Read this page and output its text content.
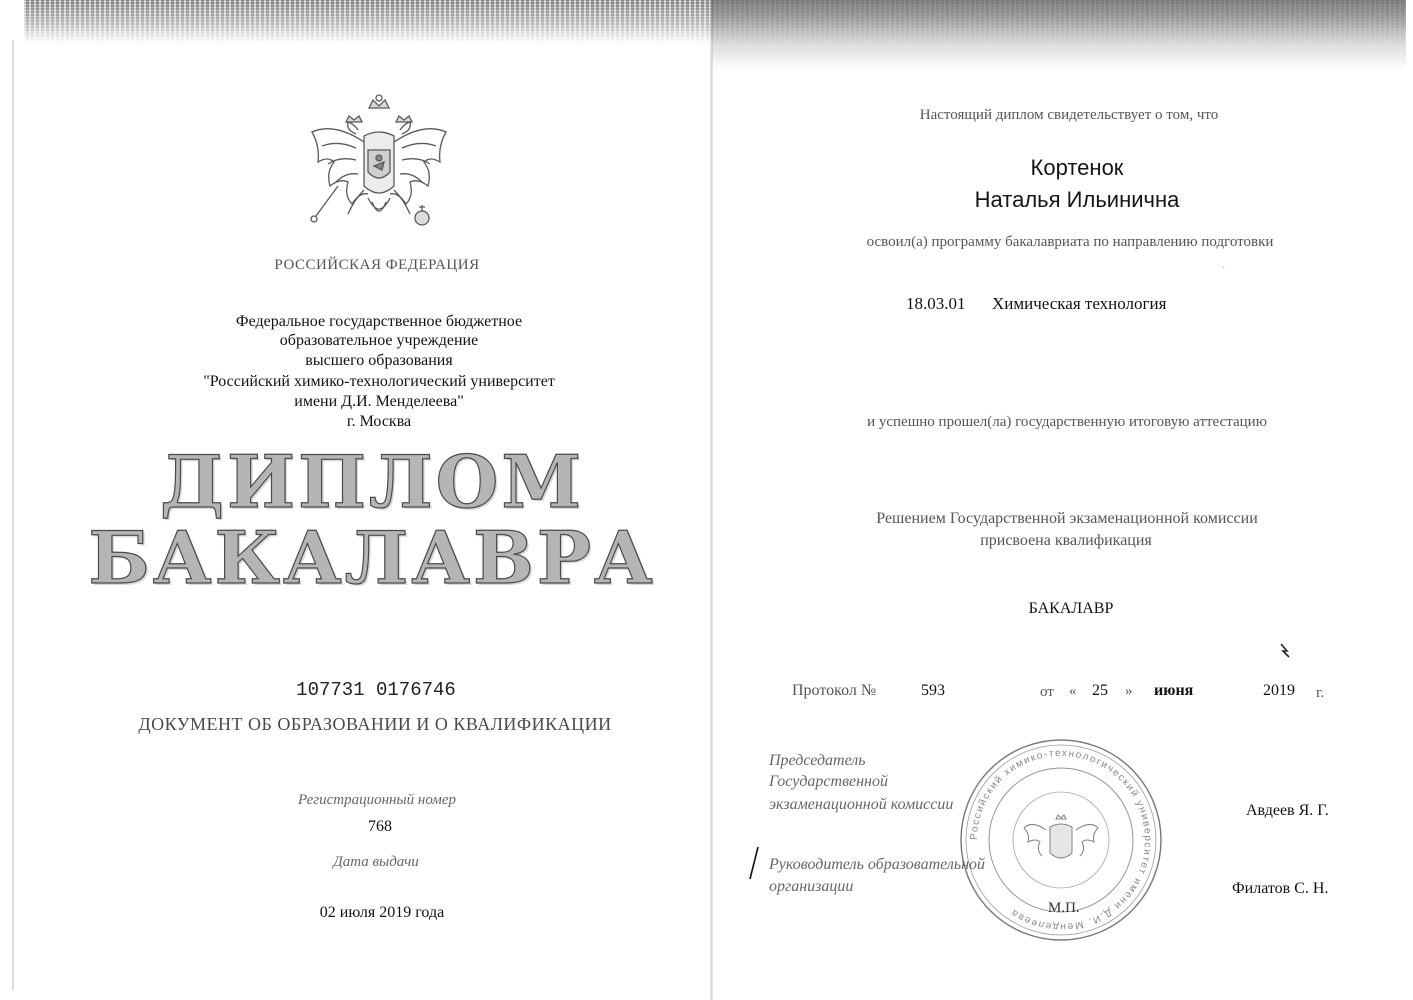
РОССИЙСКАЯ ФЕДЕРАЦИЯ
Федеральное государственное бюджетное
образовательное учреждение
высшего образования
"Российский химико-технологический университет
имени Д.И. Менделеева"
г. Москва
ДИПЛОМ
БАКАЛАВРА
107731 0176746
ДОКУМЕНТ ОБ ОБРАЗОВАНИИ И О КВАЛИФИКАЦИИ
Регистрационный номер
768
Дата выдачи
02 июля 2019 года
Настоящий диплом свидетельствует о том, что
Кортенок
Наталья Ильинична
освоил(а) программу бакалавриата по направлению подготовки
18.03.01 Химическая технология
и успешно прошел(ла) государственную итоговую аттестацию
Решением Государственной экзаменационной комиссии
присвоена квалификация
БАКАЛАВР
Протокол №	593	от « 25 » июня	2019 г.
Председатель
Государственной
экзаменационной комиссии	Авдеев Я. Г.
Руководитель образовательной
организации	Филатов С. Н.
Российский химико-технологический университет имени Д.И. Менделеева	М.П.
·
